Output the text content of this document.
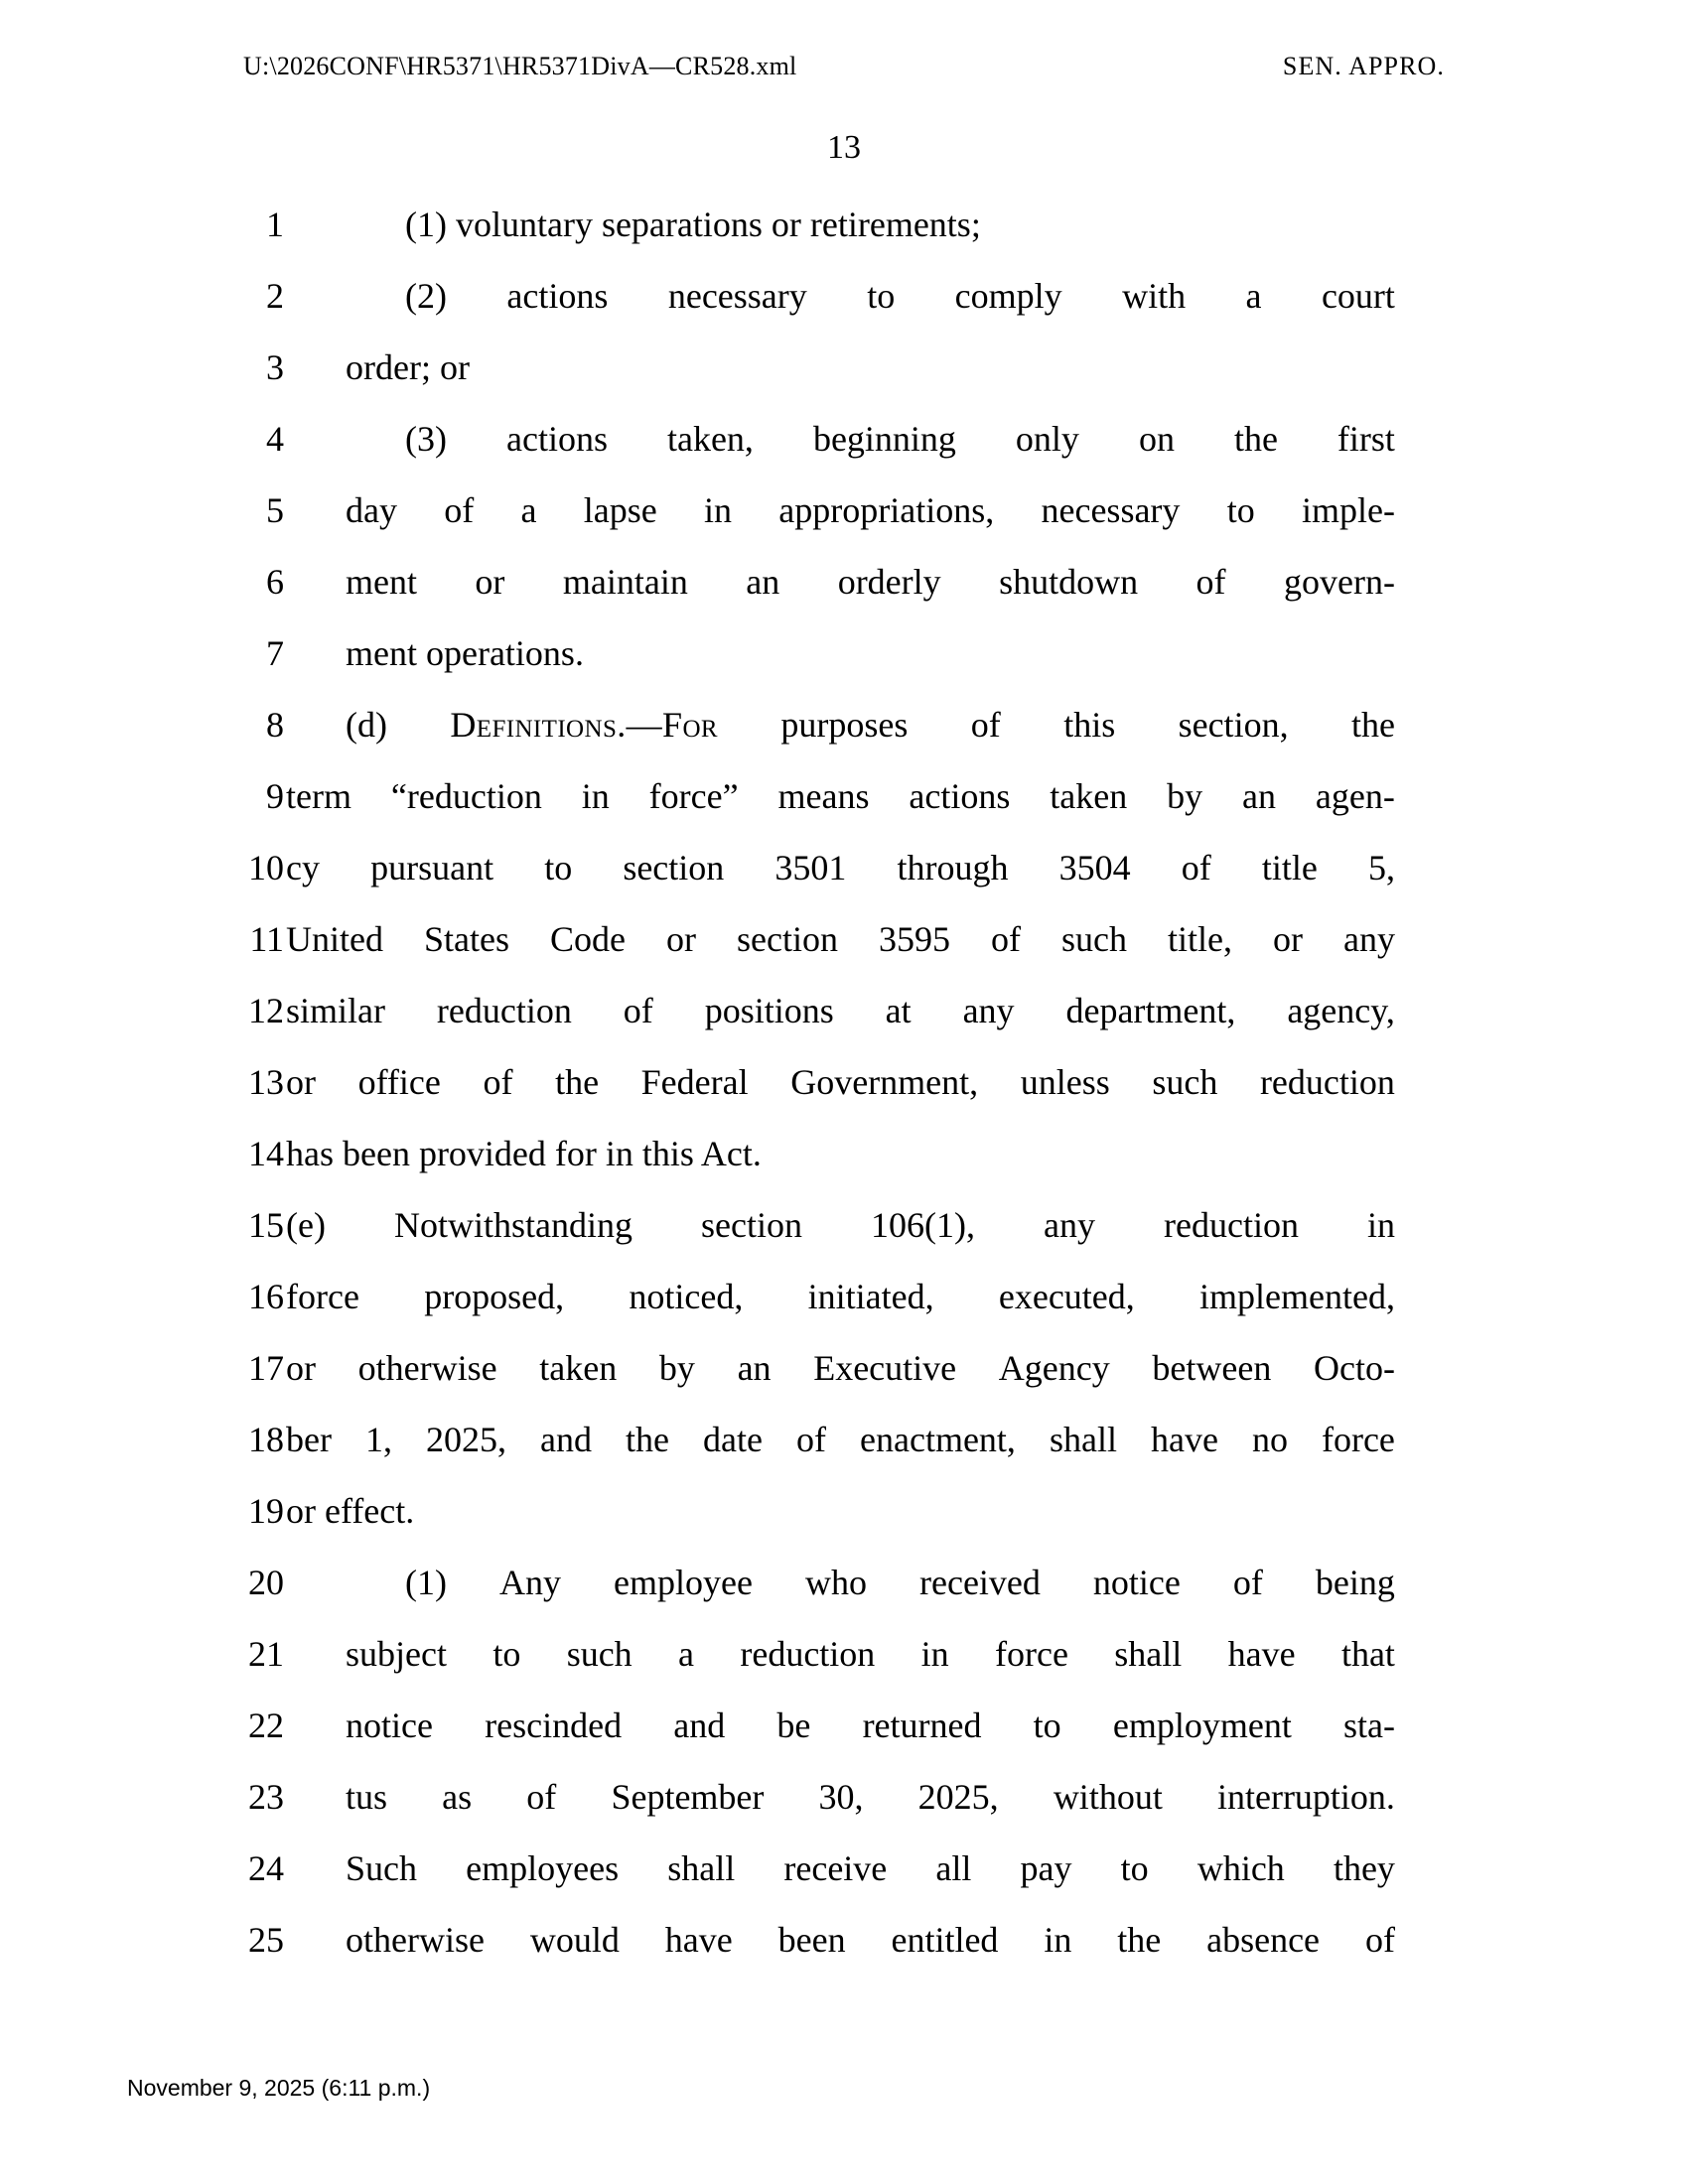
U:\2026CONF\HR5371\HR5371DivA—CR528.xml	SEN. APPRO.
13
1	(1) voluntary separations or retirements;
2	(2) actions necessary to comply with a court
3 order; or
4	(3) actions taken, beginning only on the first
5 day of a lapse in appropriations, necessary to imple-
6 ment or maintain an orderly shutdown of govern-
7 ment operations.
8 (d) Definitions.—For purposes of this section, the
9 term “reduction in force” means actions taken by an agen-
10 cy pursuant to section 3501 through 3504 of title 5,
11 United States Code or section 3595 of such title, or any
12 similar reduction of positions at any department, agency,
13 or office of the Federal Government, unless such reduction
14 has been provided for in this Act.
15 (e) Notwithstanding section 106(1), any reduction in
16 force proposed, noticed, initiated, executed, implemented,
17 or otherwise taken by an Executive Agency between Octo-
18 ber 1, 2025, and the date of enactment, shall have no force
19 or effect.
20	(1) Any employee who received notice of being
21 subject to such a reduction in force shall have that
22 notice rescinded and be returned to employment sta-
23 tus as of September 30, 2025, without interruption.
24 Such employees shall receive all pay to which they
25 otherwise would have been entitled in the absence of
November 9, 2025 (6:11 p.m.)
